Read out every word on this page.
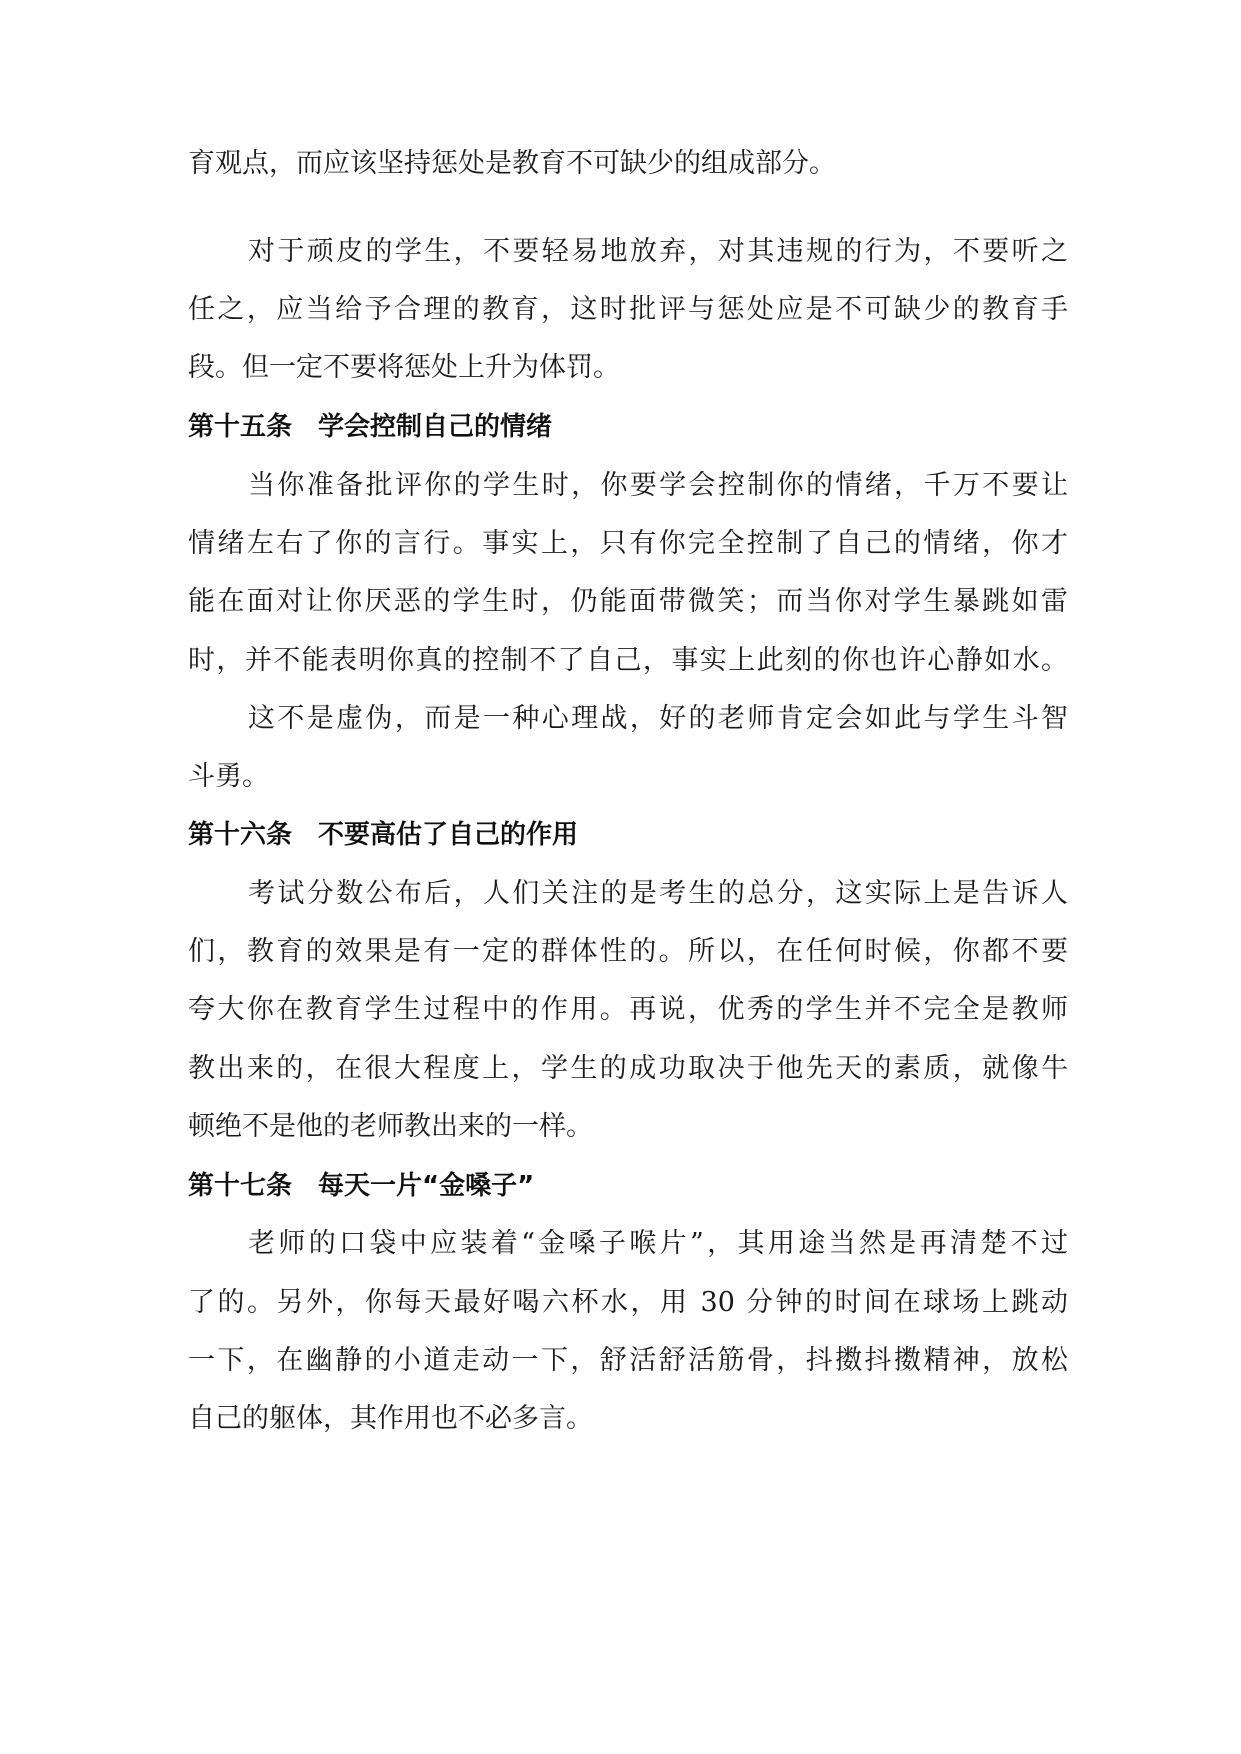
育观点，而应该坚持惩处是教育不可缺少的组成部分。
对于顽皮的学生，不要轻易地放弃，对其违规的行为，不要听之
任之，应当给予合理的教育，这时批评与惩处应是不可缺少的教育手
段。但一定不要将惩处上升为体罚。
第十五条　学会控制自己的情绪
当你准备批评你的学生时，你要学会控制你的情绪，千万不要让
情绪左右了你的言行。事实上，只有你完全控制了自己的情绪，你才
能在面对让你厌恶的学生时，仍能面带微笑；而当你对学生暴跳如雷
时，并不能表明你真的控制不了自己，事实上此刻的你也许心静如水。
这不是虚伪，而是一种心理战，好的老师肯定会如此与学生斗智
斗勇。
第十六条　不要高估了自己的作用
考试分数公布后，人们关注的是考生的总分，这实际上是告诉人
们，教育的效果是有一定的群体性的。所以，在任何时候，你都不要
夸大你在教育学生过程中的作用。再说，优秀的学生并不完全是教师
教出来的，在很大程度上，学生的成功取决于他先天的素质，就像牛
顿绝不是他的老师教出来的一样。
第十七条　每天一片“金嗓子”
老师的口袋中应装着“金嗓子喉片”，其用途当然是再清楚不过
了的。另外，你每天最好喝六杯水，用 30 分钟的时间在球场上跳动
一下，在幽静的小道走动一下，舒活舒活筋骨，抖擞抖擞精神，放松
自己的躯体，其作用也不必多言。
